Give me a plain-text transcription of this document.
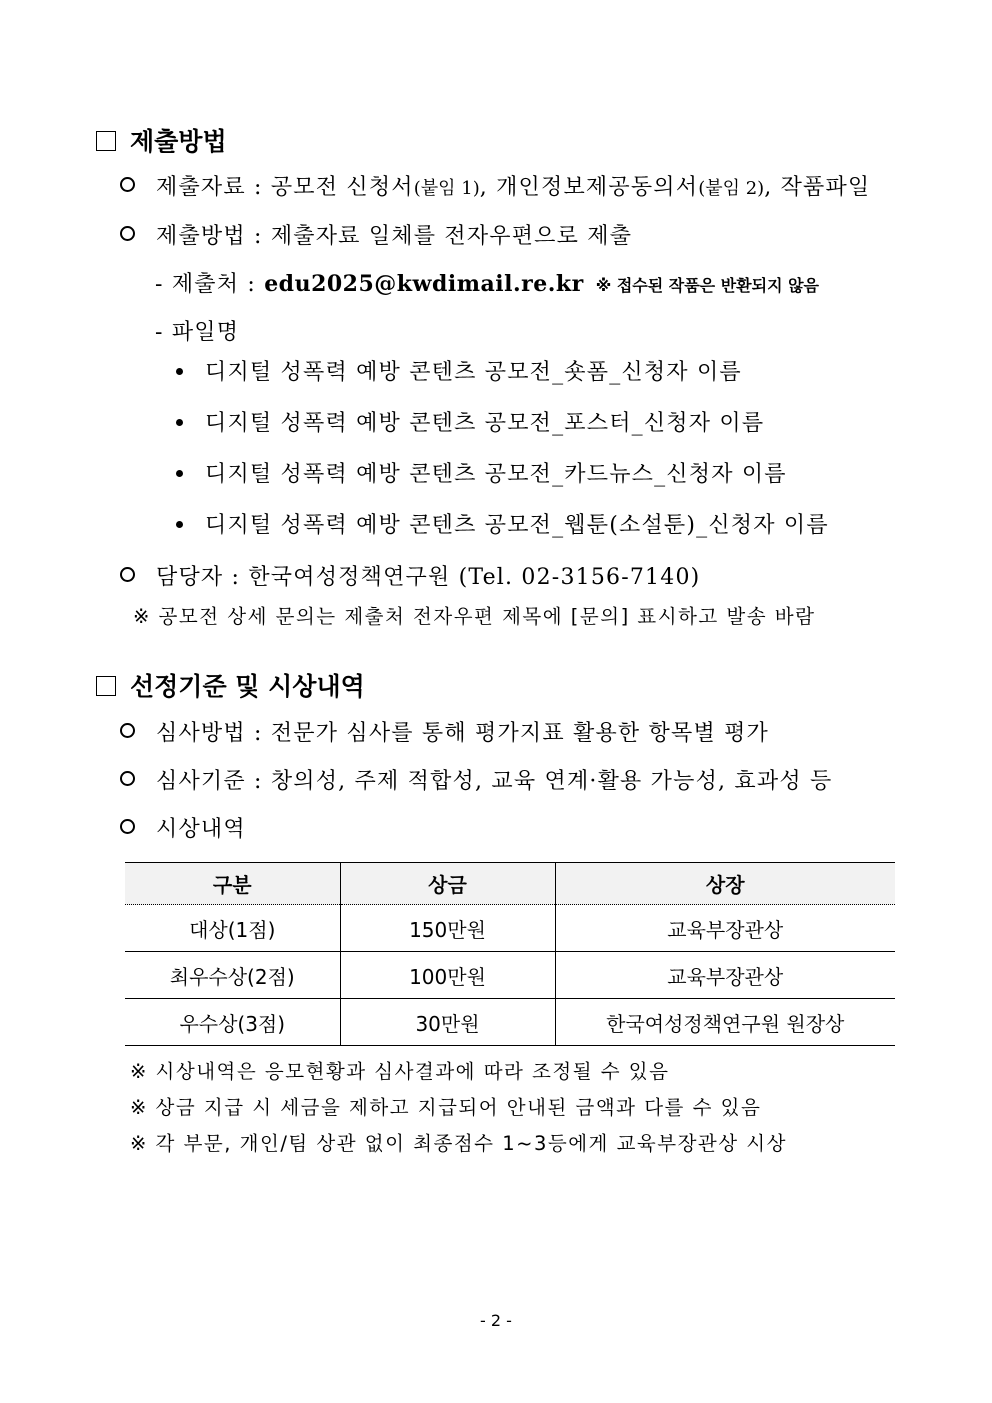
제출방법
제출자료 : 공모전 신청서(붙임 1), 개인정보제공동의서(붙임 2), 작품파일
제출방법 : 제출자료 일체를 전자우편으로 제출
- 제출처 : edu2025@kwdimail.re.kr ※ 접수된 작품은 반환되지 않음
- 파일명
디지털 성폭력 예방 콘텐츠 공모전_숏폼_신청자 이름
디지털 성폭력 예방 콘텐츠 공모전_포스터_신청자 이름
디지털 성폭력 예방 콘텐츠 공모전_카드뉴스_신청자 이름
디지털 성폭력 예방 콘텐츠 공모전_웹툰(소설툰)_신청자 이름
담당자 : 한국여성정책연구원 (Tel. 02-3156-7140)
※ 공모전 상세 문의는 제출처 전자우편 제목에 [문의] 표시하고 발송 바람
선정기준 및 시상내역
심사방법 : 전문가 심사를 통해 평가지표 활용한 항목별 평가
심사기준 : 창의성, 주제 적합성, 교육 연계·활용 가능성, 효과성 등
시상내역
구분	상금	상장
대상(1점)	150만원	교육부장관상
최우수상(2점)	100만원	교육부장관상
우수상(3점)	30만원	한국여성정책연구원 원장상
※ 시상내역은 응모현황과 심사결과에 따라 조정될 수 있음
※ 상금 지급 시 세금을 제하고 지급되어 안내된 금액과 다를 수 있음
※ 각 부문, 개인/팀 상관 없이 최종점수 1~3등에게 교육부장관상 시상
- 2 -
